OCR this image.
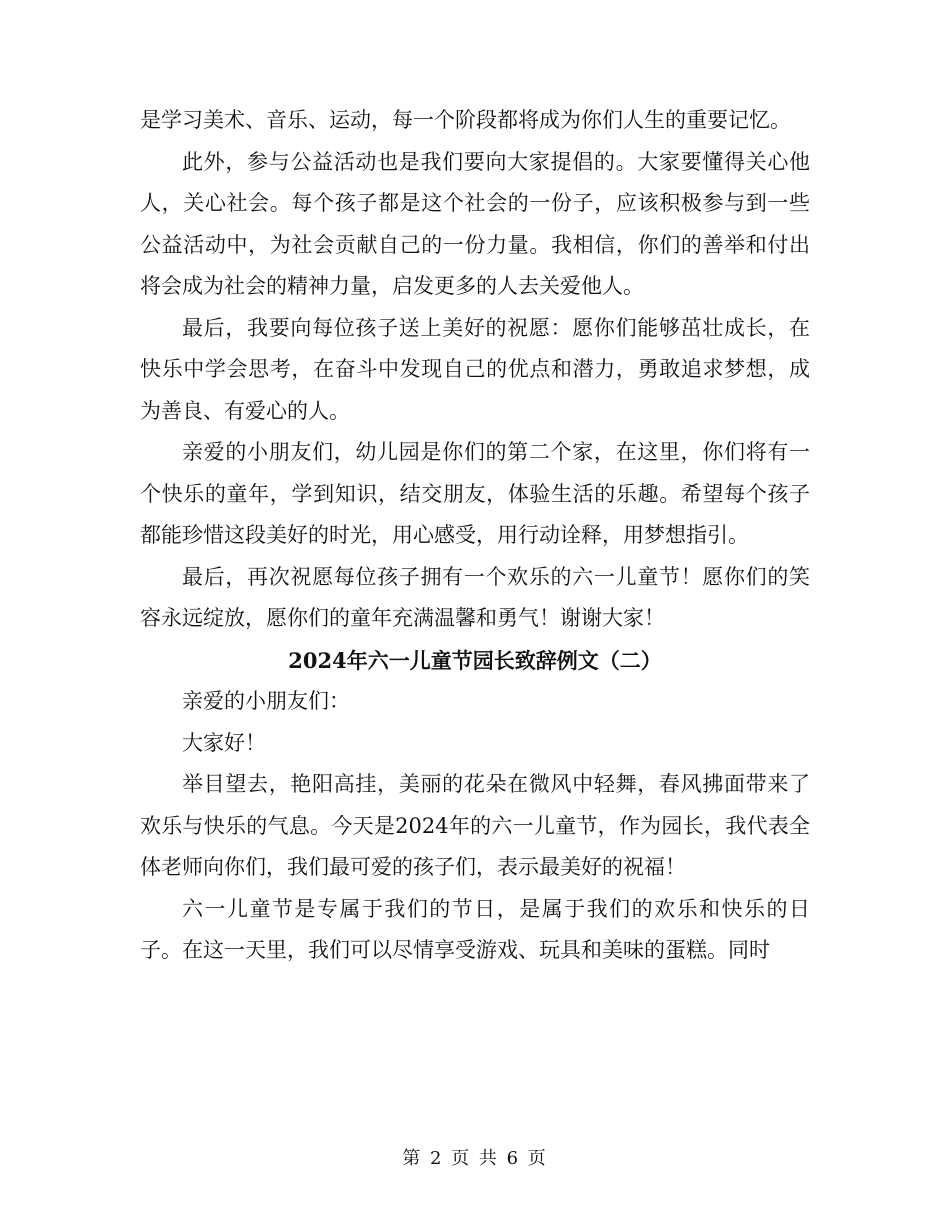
是学习美术、音乐、运动，每一个阶段都将成为你们人生的重要记忆。

此外，参与公益活动也是我们要向大家提倡的。大家要懂得关心他人，关心社会。每个孩子都是这个社会的一份子，应该积极参与到一些公益活动中，为社会贡献自己的一份力量。我相信，你们的善举和付出将会成为社会的精神力量，启发更多的人去关爱他人。

最后，我要向每位孩子送上美好的祝愿：愿你们能够茁壮成长，在快乐中学会思考，在奋斗中发现自己的优点和潜力，勇敢追求梦想，成为善良、有爱心的人。

亲爱的小朋友们，幼儿园是你们的第二个家，在这里，你们将有一个快乐的童年，学到知识，结交朋友，体验生活的乐趣。希望每个孩子都能珍惜这段美好的时光，用心感受，用行动诠释，用梦想指引。

最后，再次祝愿每位孩子拥有一个欢乐的六一儿童节！愿你们的笑容永远绽放，愿你们的童年充满温馨和勇气！谢谢大家！

2024年六一儿童节园长致辞例文（二）

亲爱的小朋友们：

大家好！

举目望去，艳阳高挂，美丽的花朵在微风中轻舞，春风拂面带来了欢乐与快乐的气息。今天是2024年的六一儿童节，作为园长，我代表全体老师向你们，我们最可爱的孩子们，表示最美好的祝福！

六一儿童节是专属于我们的节日，是属于我们的欢乐和快乐的日子。在这一天里，我们可以尽情享受游戏、玩具和美味的蛋糕。同时

第 2 页 共 6 页
